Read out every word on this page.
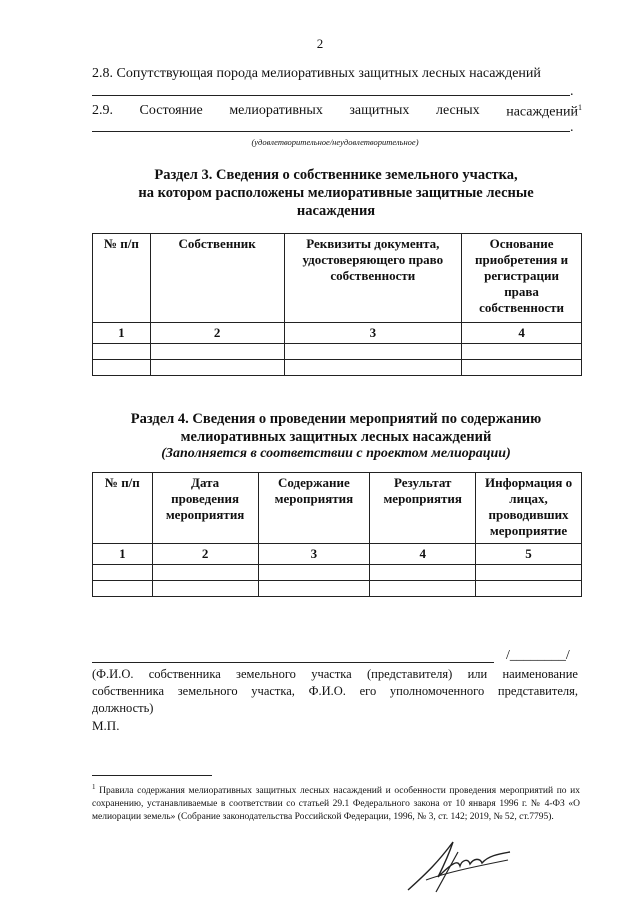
2
2.8. Сопутствующая порода мелиоративных защитных лесных насаждений
.
2.9. Состояние мелиоративных защитных лесных насаждений$^1$
.
(удовлетворительное/неудовлетворительное)
Раздел 3. Сведения о собственнике земельного участка,
на котором расположены мелиоративные защитные лесные
насаждения
№ п/п	Собственник	Реквизиты документа, удостоверяющего право собственности	Основание приобретения и регистрации права собственности
1	2	3	4

Раздел 4. Сведения о проведении мероприятий по содержанию
мелиоративных защитных лесных насаждений
(Заполняется в соответствии с проектом мелиорации)
№ п/п	Дата проведения мероприятия	Содержание мероприятия	Результат мероприятия	Информация о лицах, проводивших мероприятие
1	2	3	4	5

/________/
(Ф.И.О. собственника земельного участка (представителя) или наименование собственника земельного участка, Ф.И.О. его уполномоченного представителя, должность)
М.П.
$^1$ Правила содержания мелиоративных защитных лесных насаждений и особенности проведения мероприятий по их сохранению, устанавливаемые в соответствии со статьей 29.1 Федерального закона от 10 января 1996 г. № 4-ФЗ «О мелиорации земель» (Собрание законодательства Российской Федерации, 1996, № 3, ст. 142; 2019, № 52, ст.7795).
